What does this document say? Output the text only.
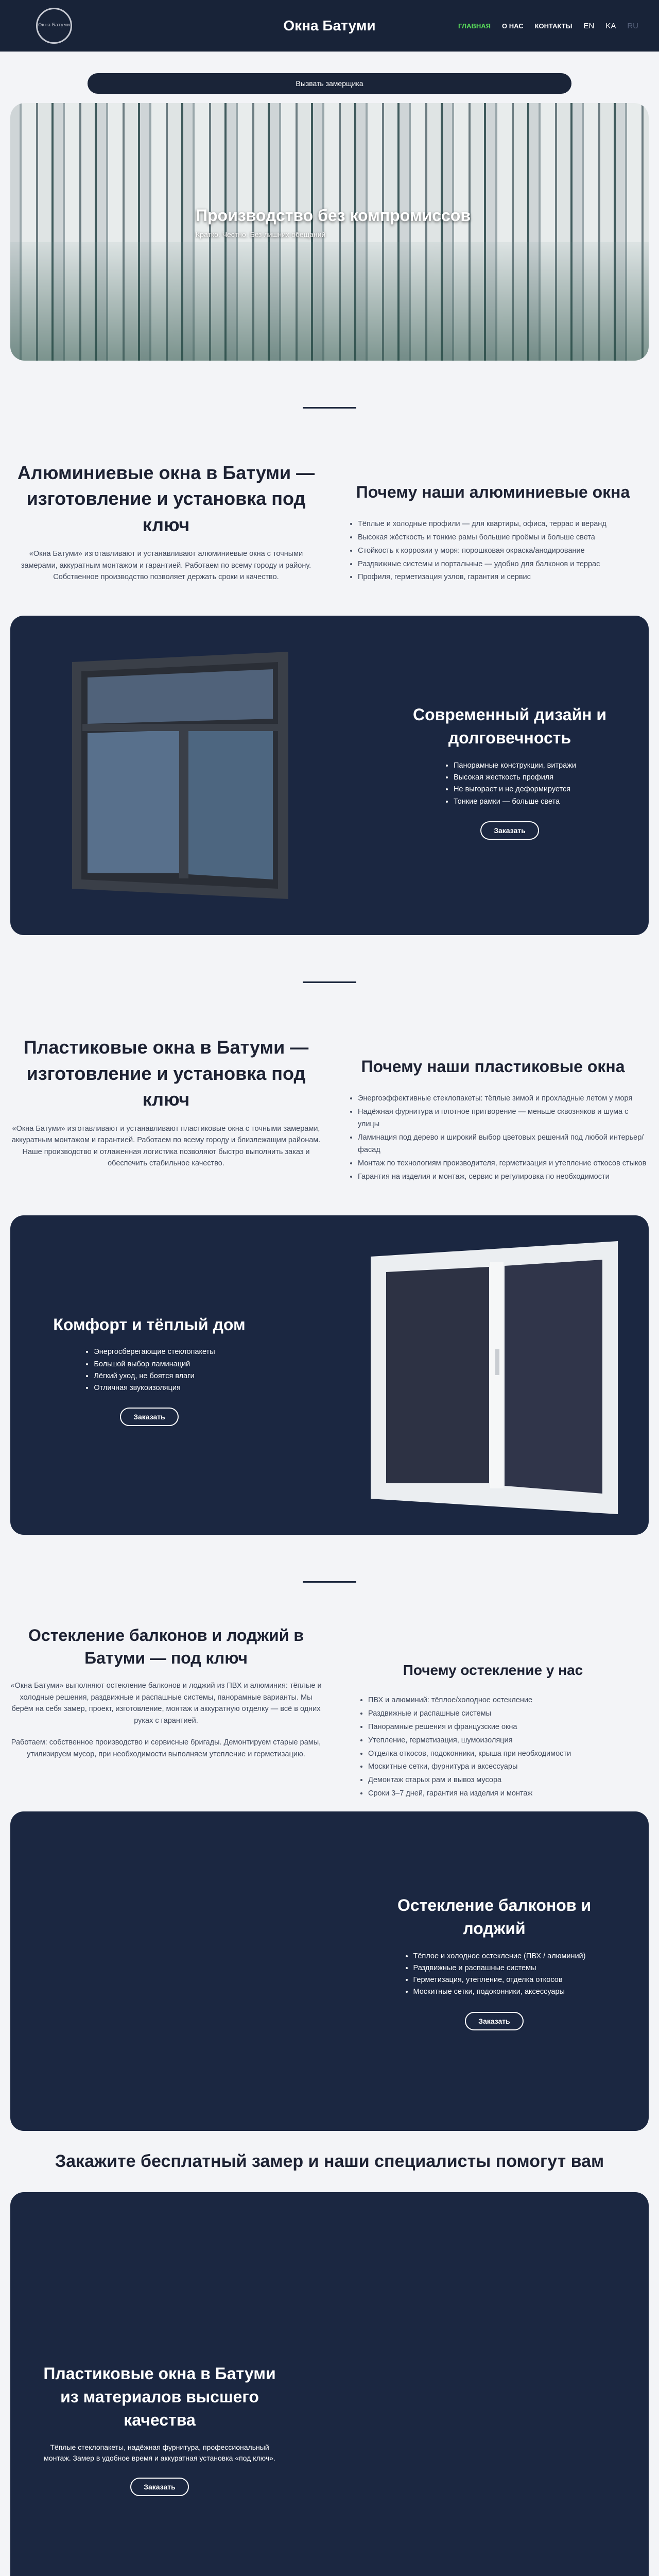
Окна Батуми	Окна Батуми	ГЛАВНАЯ О НАС КОНТАКТЫ EN KA RU
Вызвать замерщика
Производство без компромиссов
Кратко. Честно. Без лишних обещаний
Алюминиевые окна в Батуми — изготовление и установка под ключ
«Окна Батуми» изготавливают и устанавливают алюминиевые окна с точными замерами, аккуратным монтажом и гарантией. Работаем по всему городу и району. Собственное производство позволяет держать сроки и качество.
Почему наши алюминиевые окна
• Тёплые и холодные профили — для квартиры, офиса, террас и веранд
• Высокая жёсткость и тонкие рамы большие проёмы и больше света
• Стойкость к коррозии у моря: порошковая окраска/анодирование
• Раздвижные системы и портальные — удобно для балконов и террас
• Профиля, герметизация узлов, гарантия и сервис
Современный дизайн и долговечность
• Панорамные конструкции, витражи
• Высокая жесткость профиля
• Не выгорает и не деформируется
• Тонкие рамки — больше света

Заказать
Пластиковые окна в Батуми — изготовление и установка под ключ
«Окна Батуми» изготавливают и устанавливают пластиковые окна с точными замерами, аккуратным монтажом и гарантией. Работаем по всему городу и близлежащим районам. Наше производство и отлаженная логистика позволяют быстро выполнить заказ и обеспечить стабильное качество.
Почему наши пластиковые окна
• Энергоэффективные стеклопакеты: тёплые зимой и прохладные летом у моря
• Надёжная фурнитура и плотное притворение — меньше сквозняков и шума с улицы
• Ламинация под дерево и широкий выбор цветовых решений под любой интерьер/фасад
• Монтаж по технологиям производителя, герметизация и утепление откосов стыков
• Гарантия на изделия и монтаж, сервис и регулировка по необходимости
Комфорт и тёплый дом
• Энергосберегающие стеклопакеты
• Большой выбор ламинаций
• Лёгкий уход, не боятся влаги
• Отличная звукоизоляция

Заказать
Остекление балконов и лоджий в Батуми — под ключ
«Окна Батуми» выполняют остекление балконов и лоджий из ПВХ и алюминия: тёплые и холодные решения, раздвижные и распашные системы, панорамные варианты. Мы берём на себя замер, проект, изготовление, монтаж и аккуратную отделку — всё в одних руках с гарантией.
Работаем: собственное производство и сервисные бригады. Демонтируем старые рамы, утилизируем мусор, при необходимости выполняем утепление и герметизацию.
Почему остекление у нас
• ПВХ и алюминий: тёплое/холодное остекление
• Раздвижные и распашные системы
• Панорамные решения и французские окна
• Утепление, герметизация, шумоизоляция
• Отделка откосов, подоконники, крыша при необходимости
• Москитные сетки, фурнитура и аксессуары
• Демонтаж старых рам и вывоз мусора
• Сроки 3–7 дней, гарантия на изделия и монтаж
Остекление балконов и лоджий
• Тёплое и холодное остекление (ПВХ / алюминий)
• Раздвижные и распашные системы
• Герметизация, утепление, отделка откосов
• Москитные сетки, подоконники, аксессуары

Заказать
Закажите бесплатный замер и наши специалисты помогут вам
Пластиковые окна в Батуми из материалов высшего качества
Тёплые стеклопакеты, надёжная фурнитура, профессиональный монтаж. Замер в удобное время и аккуратная установка «под ключ».
Заказать
